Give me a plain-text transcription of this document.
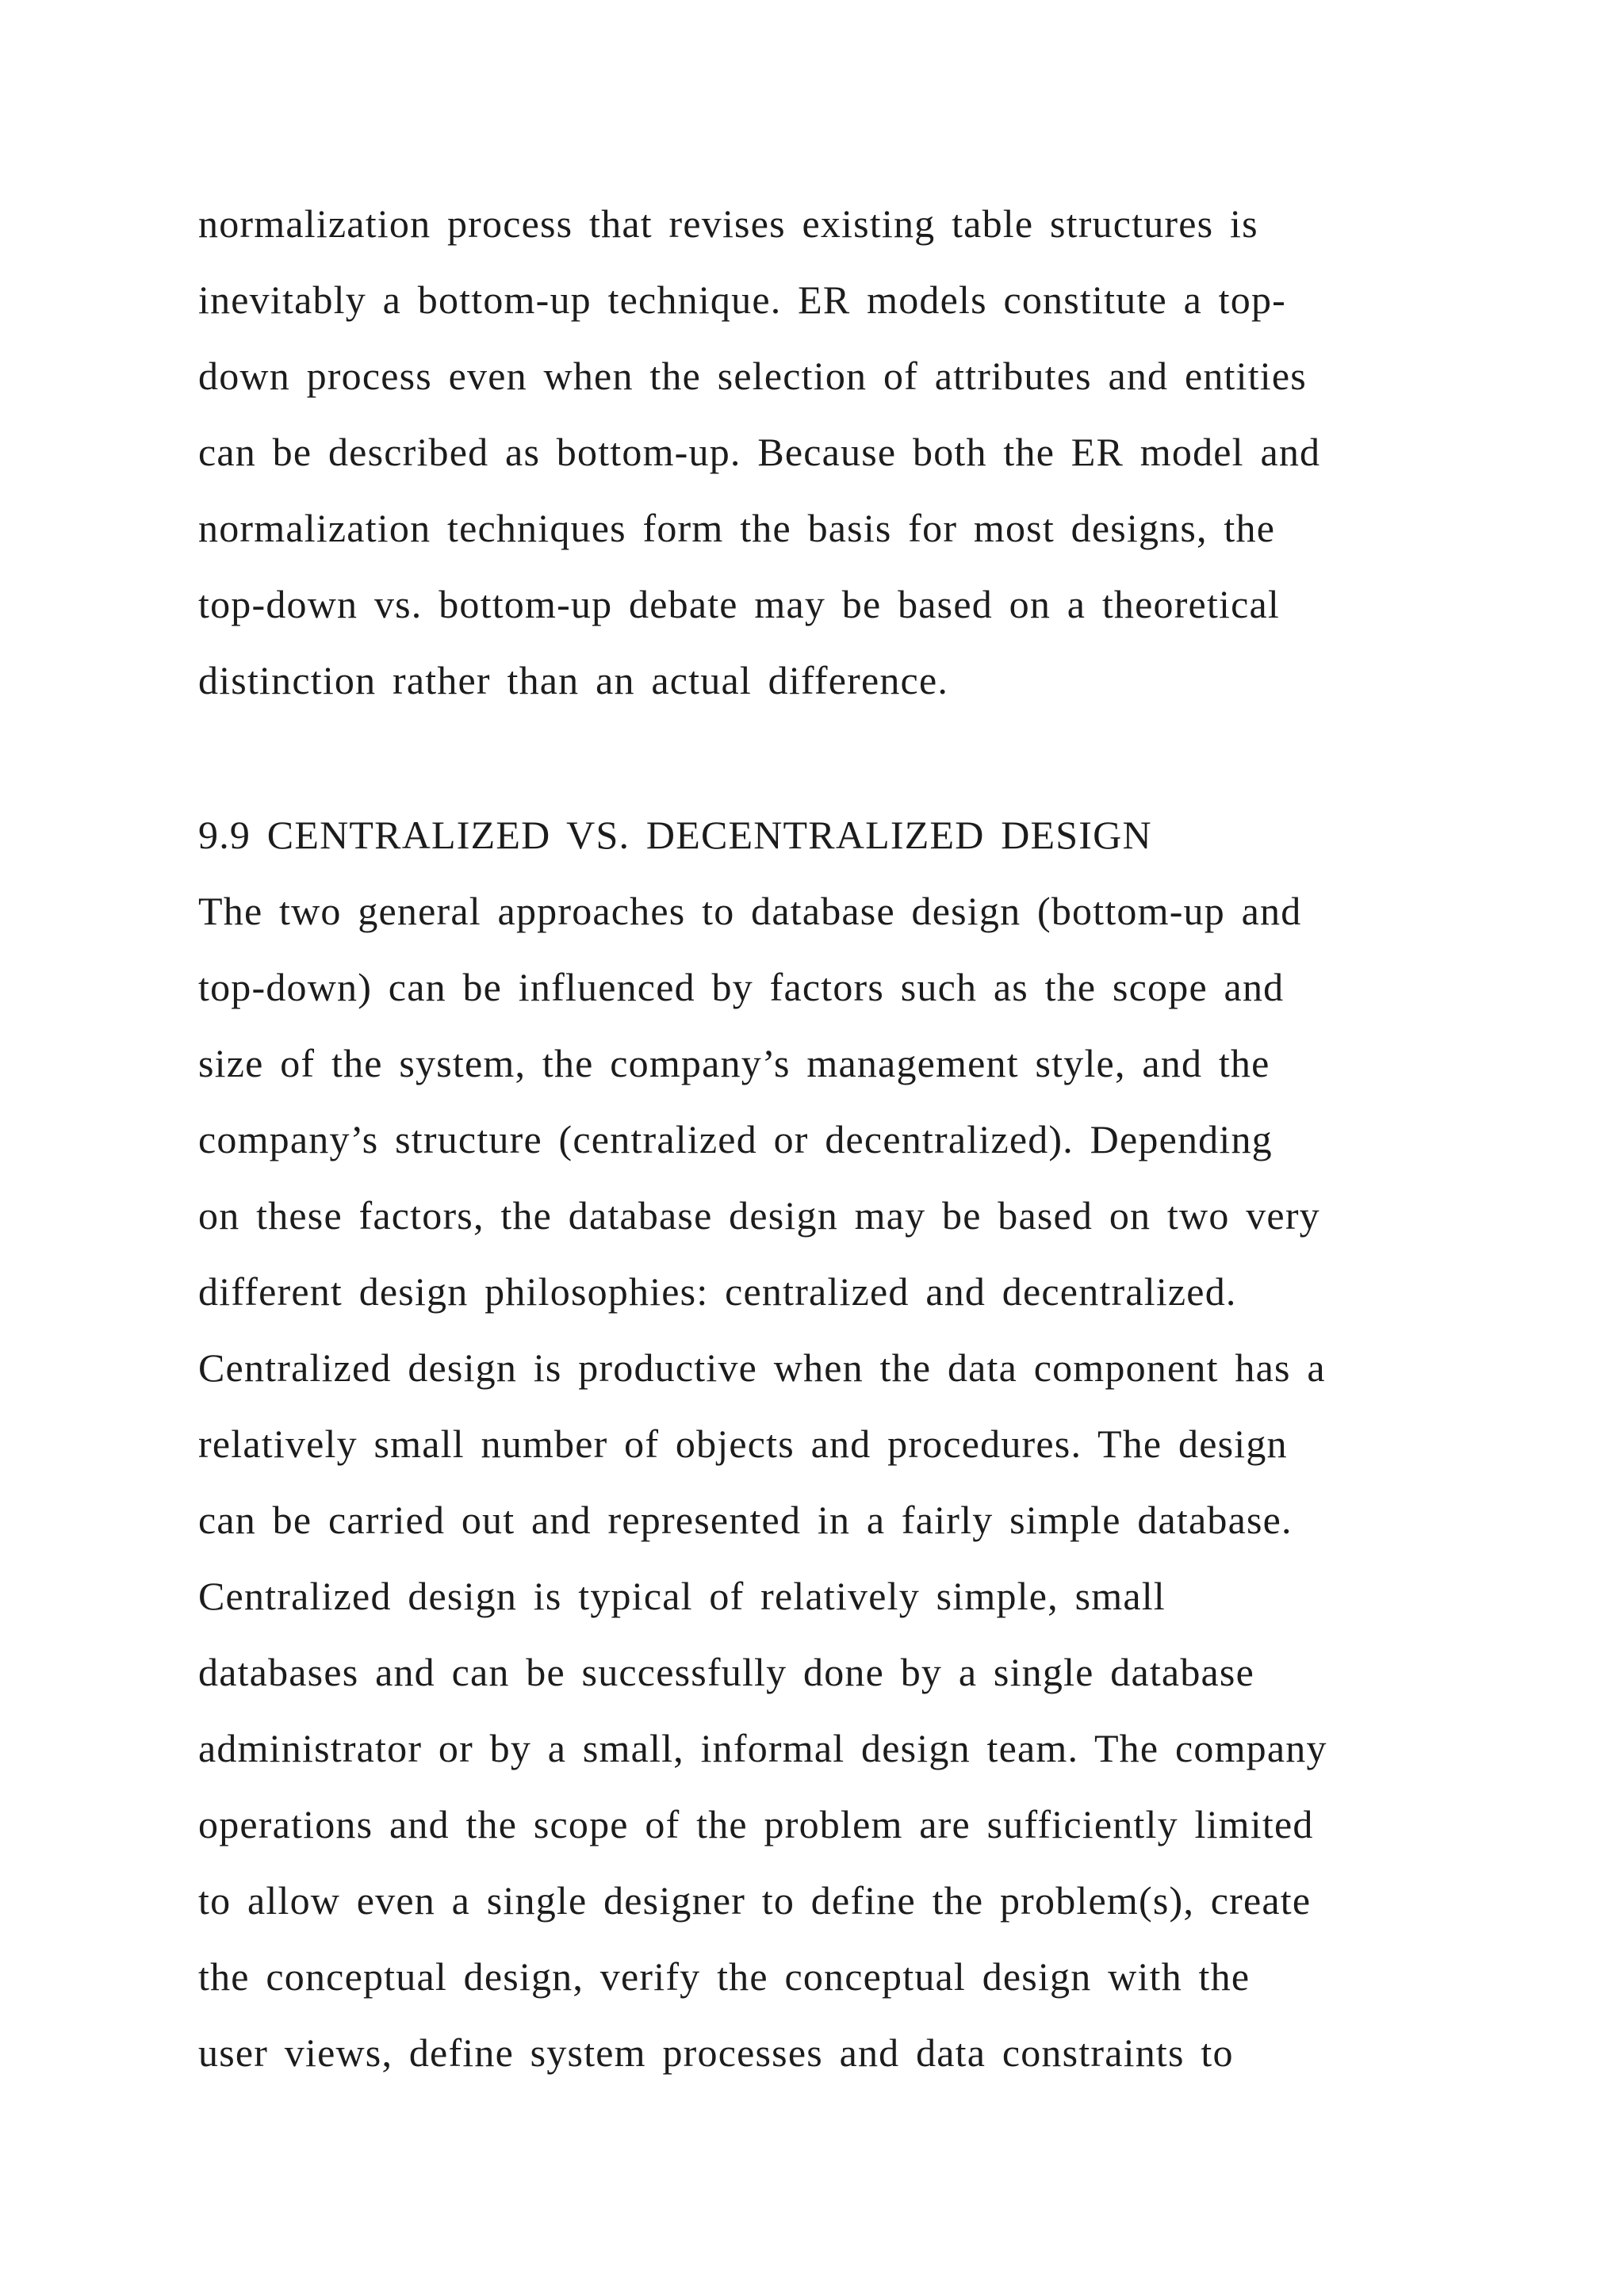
normalization process that revises existing table structures is
inevitably a bottom-up technique. ER models constitute a top-
down process even when the selection of attributes and entities
can be described as bottom-up. Because both the ER model and
normalization techniques form the basis for most designs, the
top-down vs. bottom-up debate may be based on a theoretical
distinction rather than an actual difference.
9.9 CENTRALIZED VS. DECENTRALIZED DESIGN
The two general approaches to database design (bottom-up and
top-down) can be influenced by factors such as the scope and
size of the system, the company’s management style, and the
company’s structure (centralized or decentralized). Depending
on these factors, the database design may be based on two very
different design philosophies: centralized and decentralized.
Centralized design is productive when the data component has a
relatively small number of objects and procedures. The design
can be carried out and represented in a fairly simple database.
Centralized design is typical of relatively simple, small
databases and can be successfully done by a single database
administrator or by a small, informal design team. The company
operations and the scope of the problem are sufficiently limited
to allow even a single designer to define the problem(s), create
the conceptual design, verify the conceptual design with the
user views, define system processes and data constraints to
